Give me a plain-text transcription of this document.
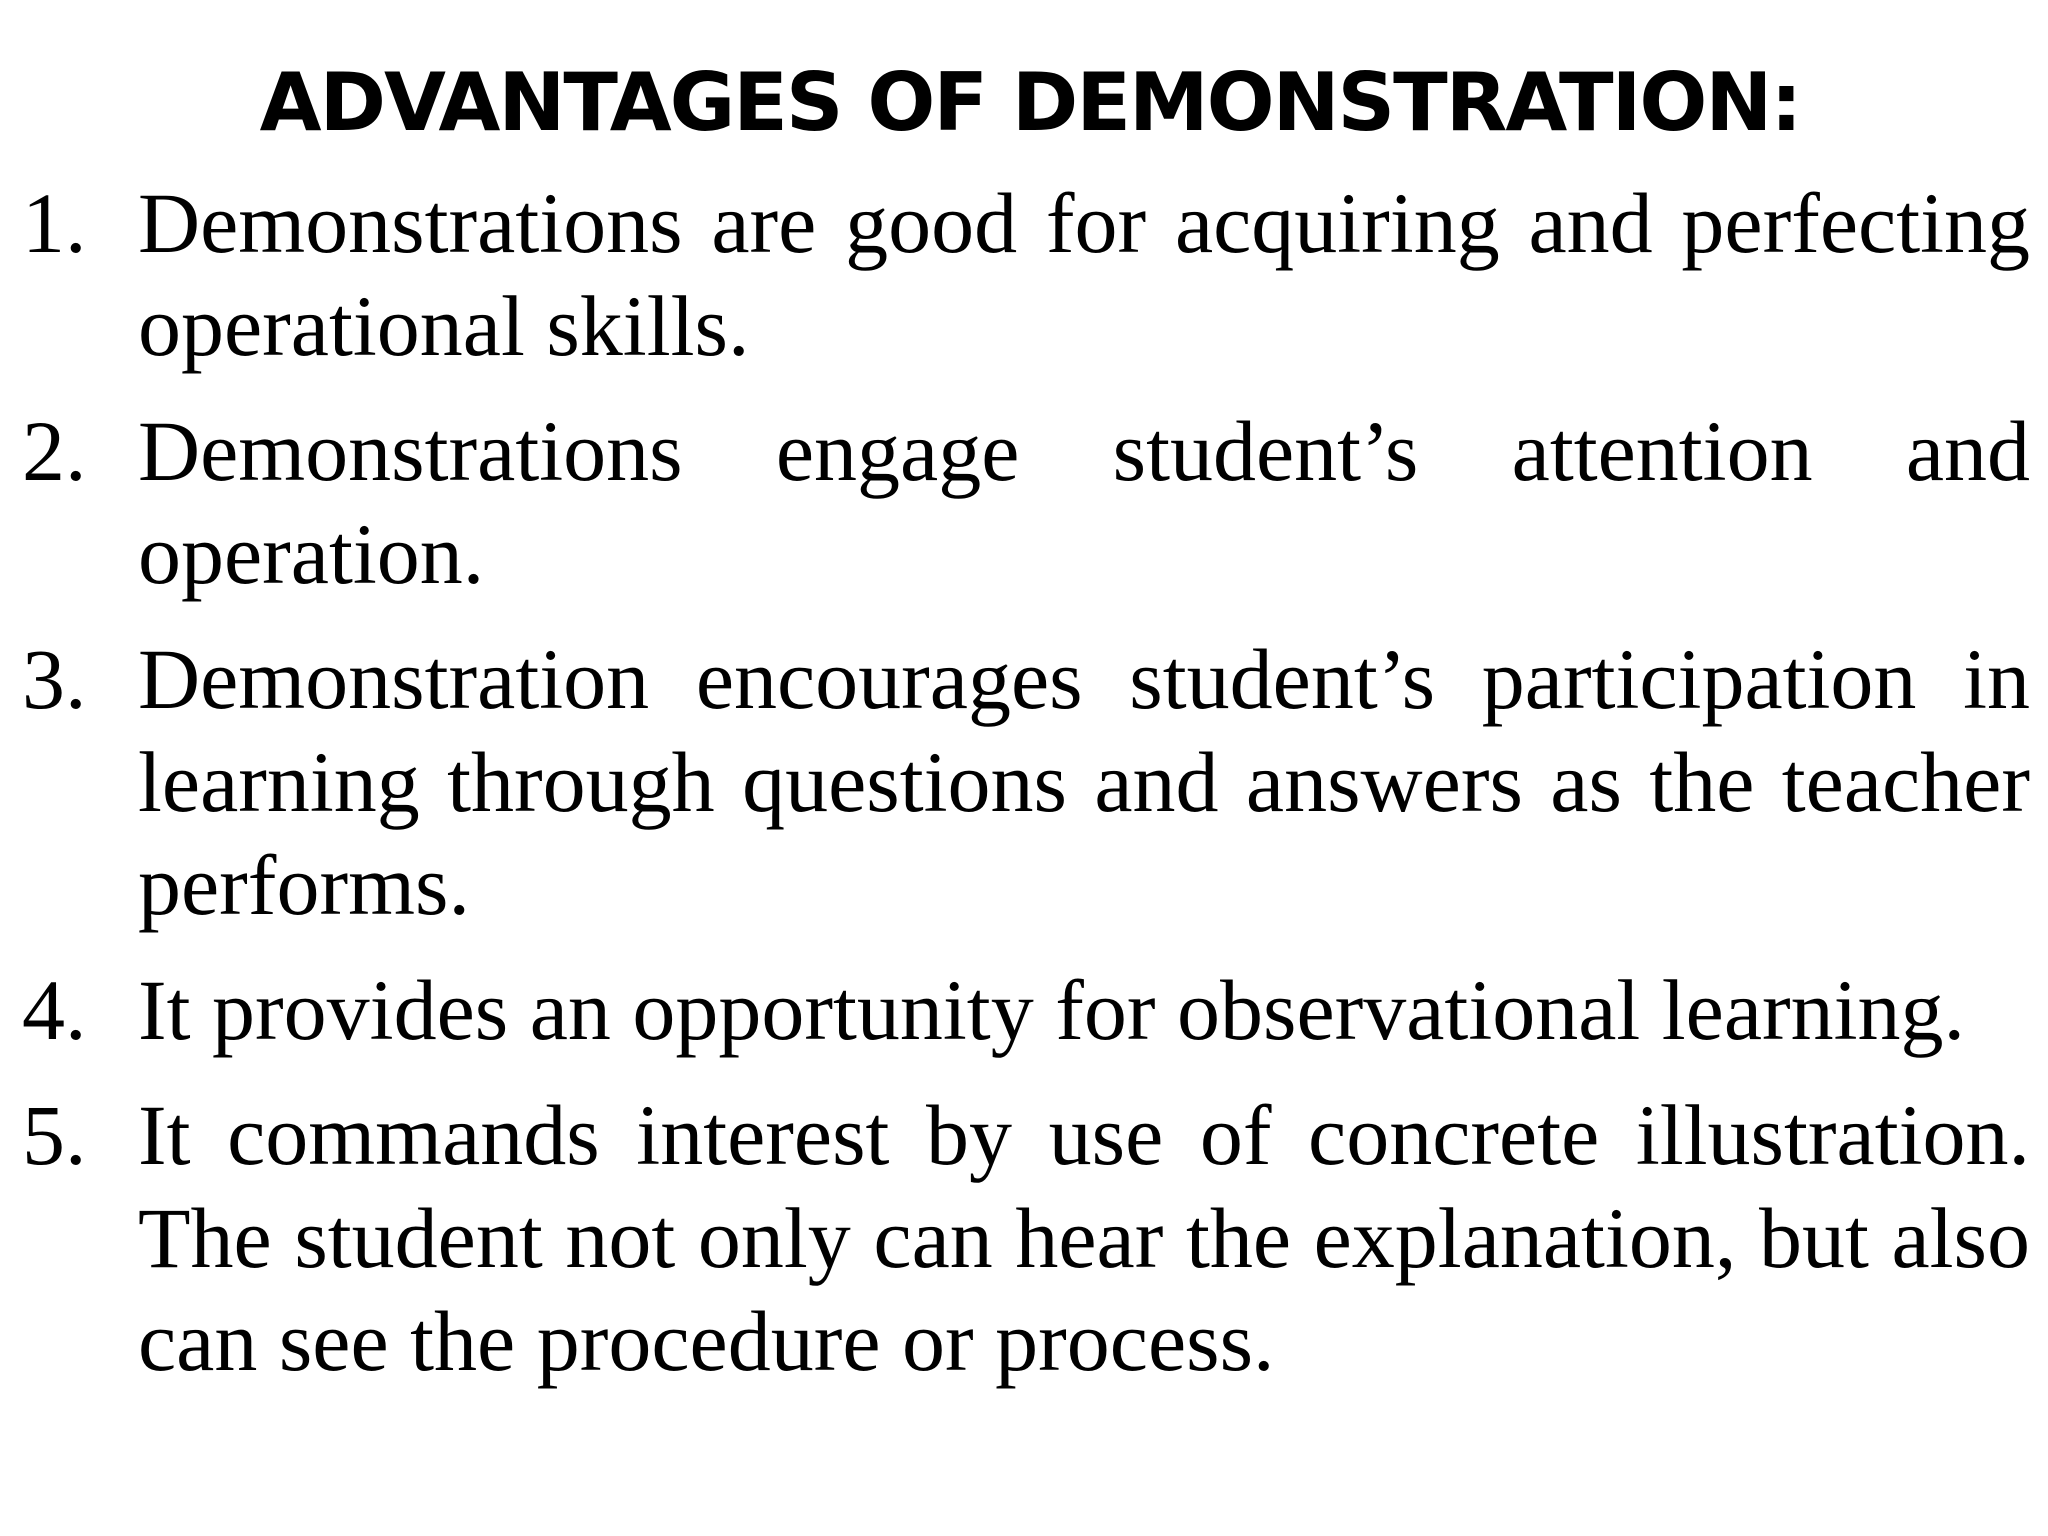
ADVANTAGES OF DEMONSTRATION:
1. Demonstrations are good for acquiring and perfecting operational skills.
2. Demonstrations engage student’s attention and operation.
3. Demonstration encourages student’s participation in learning through questions and answers as the teacher performs.
4. It provides an opportunity for observational learning.
5. It commands interest by use of concrete illustration. The student not only can hear the explanation, but also can see the procedure or process.
